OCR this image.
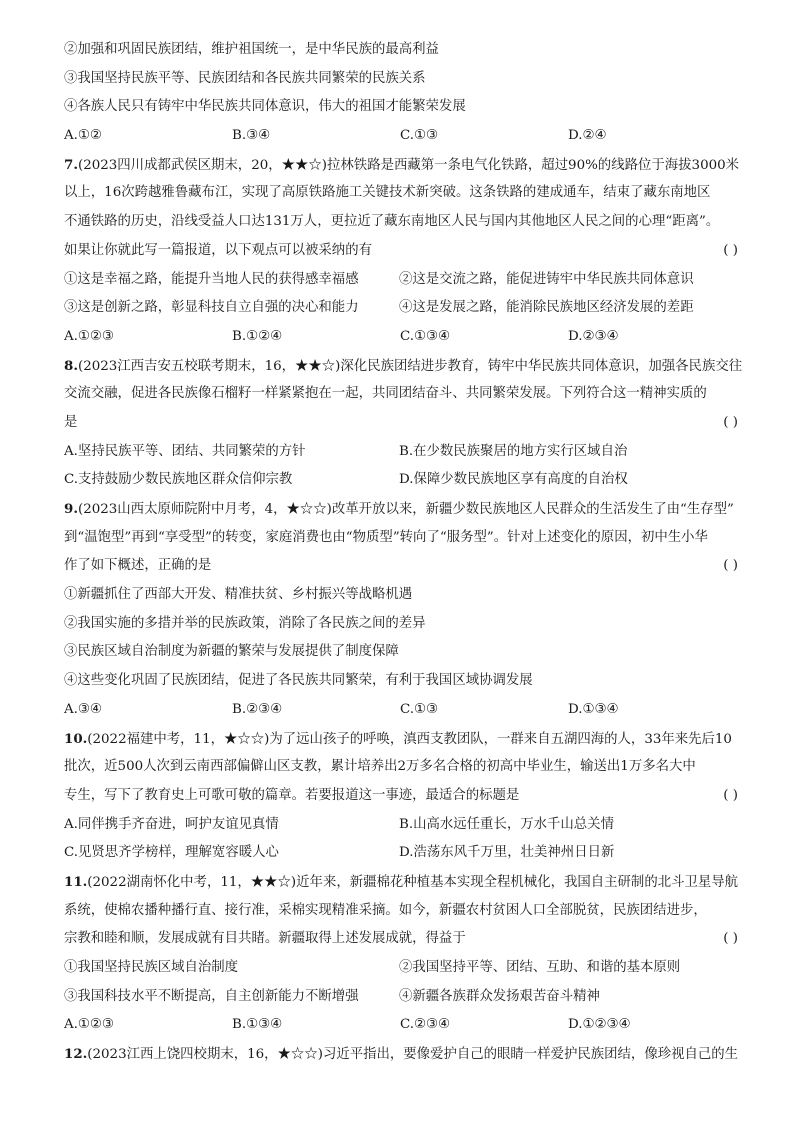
②加强和巩固民族团结，维护祖国统一，是中华民族的最高利益
③我国坚持民族平等、民族团结和各民族共同繁荣的民族关系
④各族人民只有铸牢中华民族共同体意识，伟大的祖国才能繁荣发展
A.①②	B.③④	C.①③	D.②④
7.(2023四川成都武侯区期末，20，★★☆)拉林铁路是西藏第一条电气化铁路，超过90%的线路位于海拔3000米
以上，16次跨越雅鲁藏布江，实现了高原铁路施工关键技术新突破。这条铁路的建成通车，结束了藏东南地区
不通铁路的历史，沿线受益人口达131万人，更拉近了藏东南地区人民与国内其他地区人民之间的心理“距离”。
如果让你就此写一篇报道，以下观点可以被采纳的有	( )
①这是幸福之路，能提升当地人民的获得感幸福感	②这是交流之路，能促进铸牢中华民族共同体意识
③这是创新之路，彰显科技自立自强的决心和能力	④这是发展之路，能消除民族地区经济发展的差距
A.①②③	B.①②④	C.①③④	D.②③④
8.(2023江西吉安五校联考期末，16，★★☆)深化民族团结进步教育，铸牢中华民族共同体意识，加强各民族交往
交流交融，促进各民族像石榴籽一样紧紧抱在一起，共同团结奋斗、共同繁荣发展。下列符合这一精神实质的
是	( )
A.坚持民族平等、团结、共同繁荣的方针	B.在少数民族聚居的地方实行区域自治
C.支持鼓励少数民族地区群众信仰宗教	D.保障少数民族地区享有高度的自治权
9.(2023山西太原师院附中月考，4，★☆☆)改革开放以来，新疆少数民族地区人民群众的生活发生了由“生存型”
到“温饱型”再到“享受型”的转变，家庭消费也由“物质型”转向了“服务型”。针对上述变化的原因，初中生小华
作了如下概述，正确的是	( )
①新疆抓住了西部大开发、精准扶贫、乡村振兴等战略机遇
②我国实施的多措并举的民族政策，消除了各民族之间的差异
③民族区域自治制度为新疆的繁荣与发展提供了制度保障
④这些变化巩固了民族团结，促进了各民族共同繁荣，有利于我国区域协调发展
A.③④	B.②③④	C.①③	D.①③④
10.(2022福建中考，11，★☆☆)为了远山孩子的呼唤，滇西支教团队，一群来自五湖四海的人，33年来先后10
批次，近500人次到云南西部偏僻山区支教，累计培养出2万多名合格的初高中毕业生，输送出1万多名大中
专生，写下了教育史上可歌可敬的篇章。若要报道这一事迹，最适合的标题是	( )
A.同伴携手齐奋进，呵护友谊见真情	B.山高水远任重长，万水千山总关情
C.见贤思齐学榜样，理解宽容暖人心	D.浩荡东风千万里，壮美神州日日新
11.(2022湖南怀化中考，11，★★☆)近年来，新疆棉花种植基本实现全程机械化，我国自主研制的北斗卫星导航
系统，使棉农播种播行直、接行准，采棉实现精准采摘。如今，新疆农村贫困人口全部脱贫，民族团结进步，
宗教和睦和顺，发展成就有目共睹。新疆取得上述发展成就，得益于	( )
①我国坚持民族区域自治制度	②我国坚持平等、团结、互助、和谐的基本原则
③我国科技水平不断提高，自主创新能力不断增强	④新疆各族群众发扬艰苦奋斗精神
A.①②③	B.①③④	C.②③④	D.①②③④
12.(2023江西上饶四校期末，16，★☆☆)习近平指出，要像爱护自己的眼睛一样爱护民族团结，像珍视自己的生
